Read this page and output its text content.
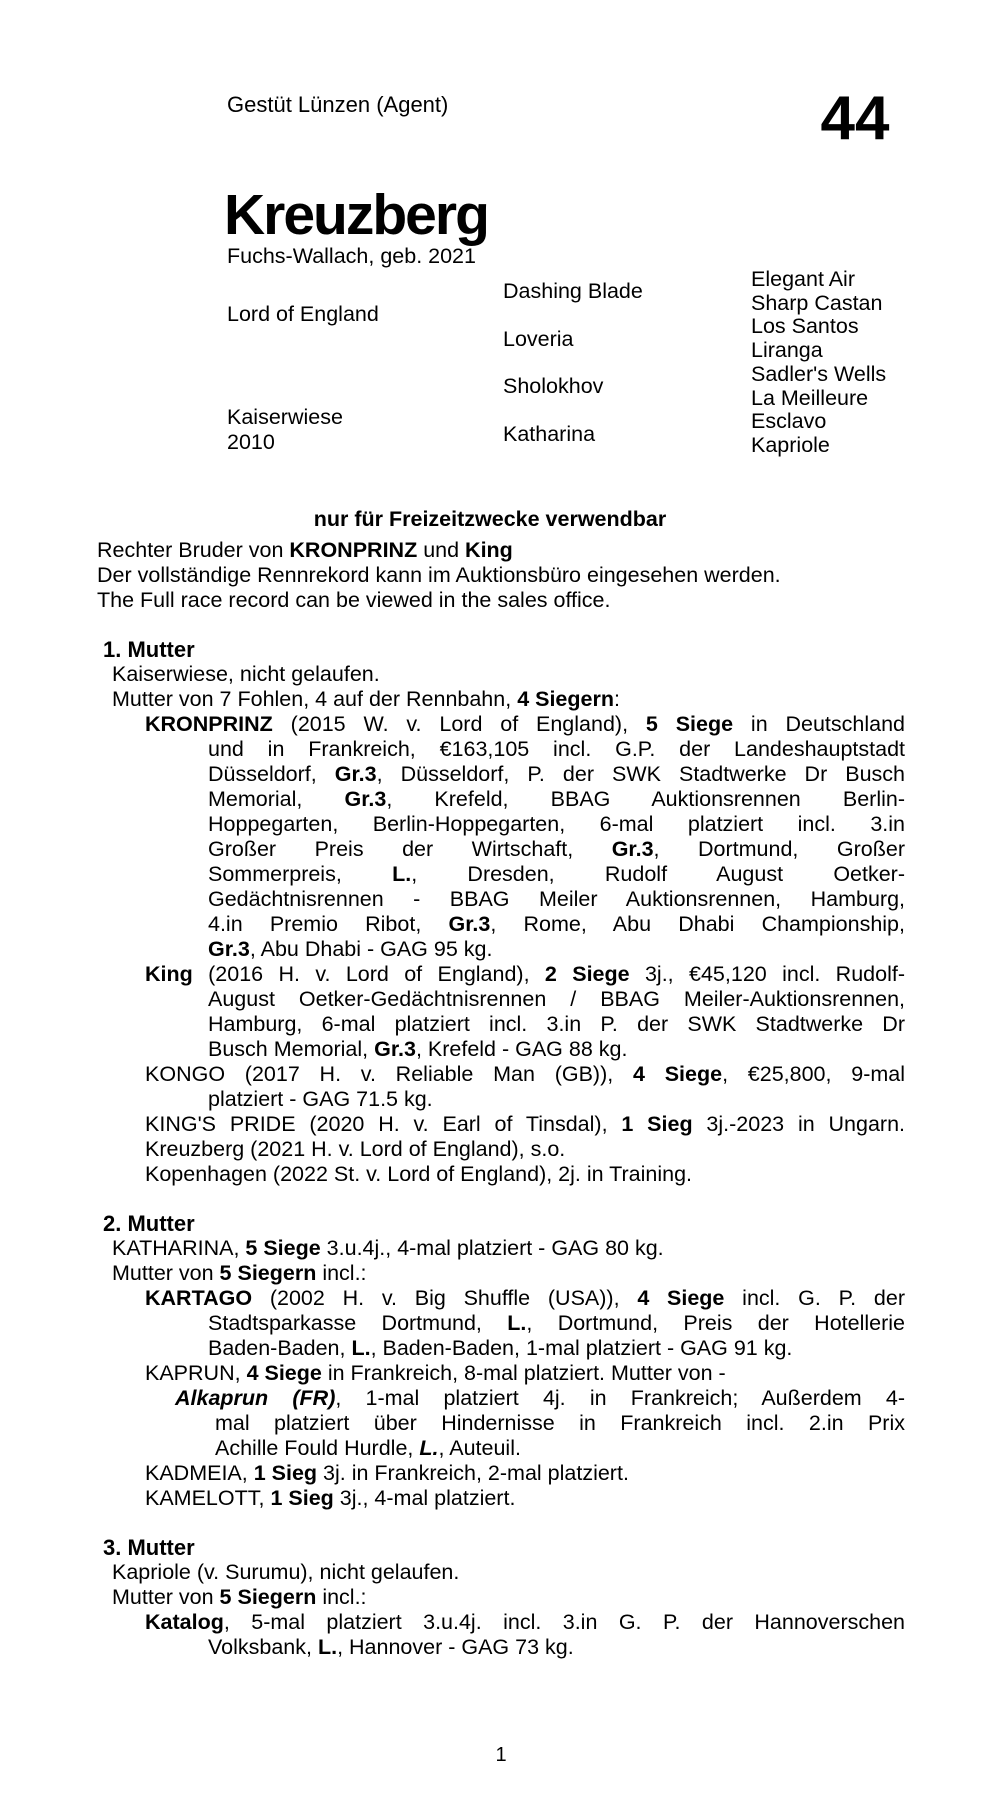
Gestüt Lünzen (Agent)	44
Kreuzberg
Fuchs-Wallach, geb. 2021
Lord of England
Kaiserwiese
2010
Dashing Blade
Loveria
Sholokhov
Katharina
Elegant Air
Sharp Castan
Los Santos
Liranga
Sadler's Wells
La Meilleure
Esclavo
Kapriole
nur für Freizeitzwecke verwendbar
Rechter Bruder von KRONPRINZ und King
Der vollständige Rennrekord kann im Auktionsbüro eingesehen werden.
The Full race record can be viewed in the sales office.
1. Mutter
Kaiserwiese, nicht gelaufen.
Mutter von 7 Fohlen, 4 auf der Rennbahn, 4 Siegern:
KRONPRINZ (2015 W. v. Lord of England), 5 Siege in Deutschland
und in Frankreich, €163,105 incl. G.P. der Landeshauptstadt
Düsseldorf, Gr.3, Düsseldorf, P. der SWK Stadtwerke Dr Busch
Memorial, Gr.3, Krefeld, BBAG Auktionsrennen Berlin-
Hoppegarten, Berlin-Hoppegarten, 6-mal platziert incl. 3.in
Großer Preis der Wirtschaft, Gr.3, Dortmund, Großer
Sommerpreis, L., Dresden, Rudolf August Oetker-
Gedächtnisrennen - BBAG Meiler Auktionsrennen, Hamburg,
4.in Premio Ribot, Gr.3, Rome, Abu Dhabi Championship,
Gr.3, Abu Dhabi - GAG 95 kg.
King (2016 H. v. Lord of England), 2 Siege 3j., €45,120 incl. Rudolf-
August Oetker-Gedächtnisrennen / BBAG Meiler-Auktionsrennen,
Hamburg, 6-mal platziert incl. 3.in P. der SWK Stadtwerke Dr
Busch Memorial, Gr.3, Krefeld - GAG 88 kg.
KONGO (2017 H. v. Reliable Man (GB)), 4 Siege, €25,800, 9-mal
platziert - GAG 71.5 kg.
KING'S PRIDE (2020 H. v. Earl of Tinsdal), 1 Sieg 3j.-2023 in Ungarn.
Kreuzberg (2021 H. v. Lord of England), s.o.
Kopenhagen (2022 St. v. Lord of England), 2j. in Training.
2. Mutter
KATHARINA, 5 Siege 3.u.4j., 4-mal platziert - GAG 80 kg.
Mutter von 5 Siegern incl.:
KARTAGO (2002 H. v. Big Shuffle (USA)), 4 Siege incl. G. P. der
Stadtsparkasse Dortmund, L., Dortmund, Preis der Hotellerie
Baden-Baden, L., Baden-Baden, 1-mal platziert - GAG 91 kg.
KAPRUN, 4 Siege in Frankreich, 8-mal platziert. Mutter von -
Alkaprun (FR), 1-mal platziert 4j. in Frankreich; Außerdem 4-
mal platziert über Hindernisse in Frankreich incl. 2.in Prix
Achille Fould Hurdle, L., Auteuil.
KADMEIA, 1 Sieg 3j. in Frankreich, 2-mal platziert.
KAMELOTT, 1 Sieg 3j., 4-mal platziert.
3. Mutter
Kapriole (v. Surumu), nicht gelaufen.
Mutter von 5 Siegern incl.:
Katalog, 5-mal platziert 3.u.4j. incl. 3.in G. P. der Hannoverschen
Volksbank, L., Hannover - GAG 73 kg.
1
